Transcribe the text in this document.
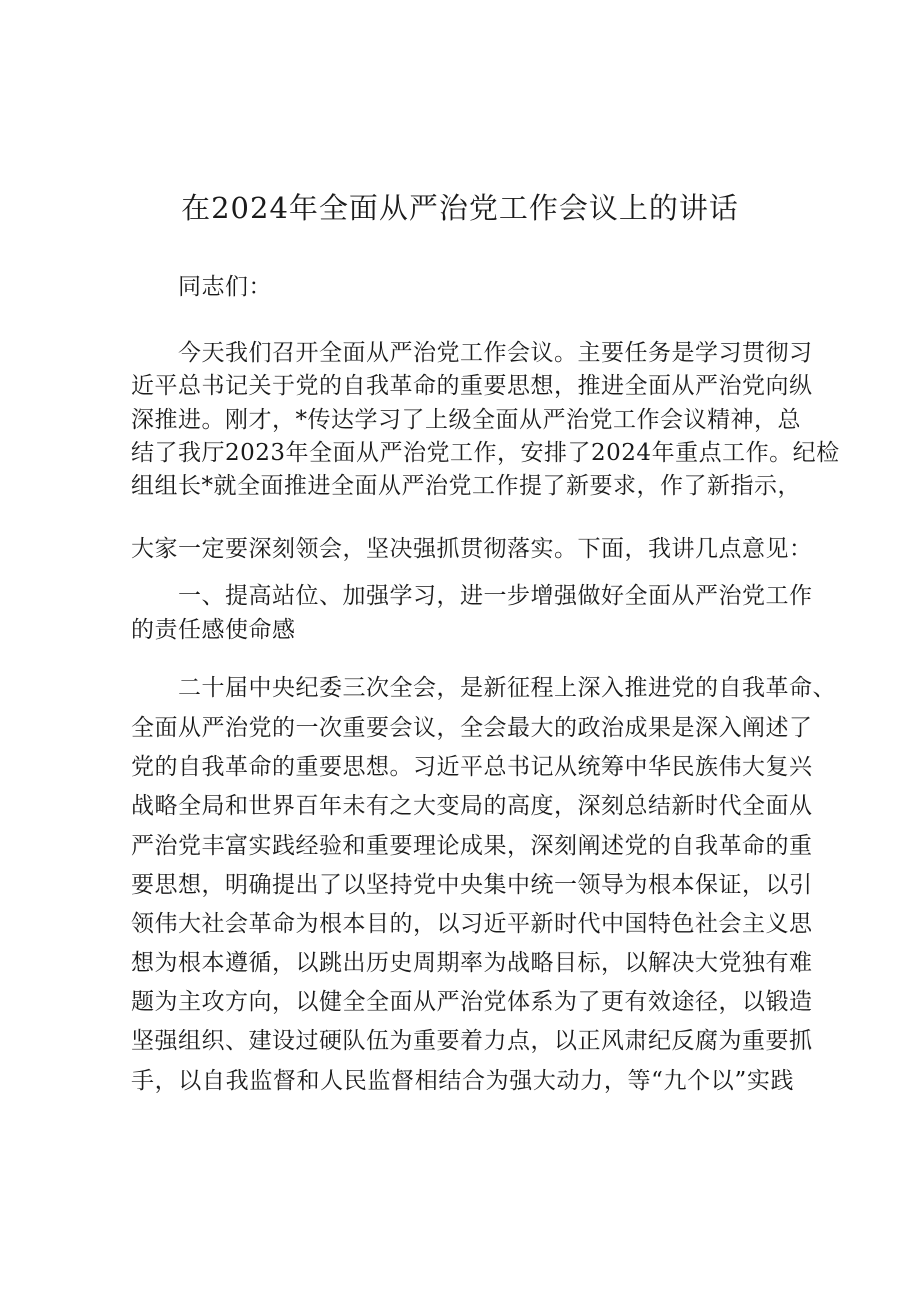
在2024年全面从严治党工作会议上的讲话
同志们：
今天我们召开全面从严治党工作会议。主要任务是学习贯彻习
近平总书记关于党的自我革命的重要思想，推进全面从严治党向纵
深推进。刚才，*传达学习了上级全面从严治党工作会议精神，总
结了我厅2023年全面从严治党工作，安排了2024年重点工作。纪检
组组长*就全面推进全面从严治党工作提了新要求，作了新指示，
大家一定要深刻领会，坚决强抓贯彻落实。下面，我讲几点意见：
一、提高站位、加强学习，进一步增强做好全面从严治党工作
的责任感使命感
二十届中央纪委三次全会，是新征程上深入推进党的自我革命、
全面从严治党的一次重要会议，全会最大的政治成果是深入阐述了
党的自我革命的重要思想。习近平总书记从统筹中华民族伟大复兴
战略全局和世界百年未有之大变局的高度，深刻总结新时代全面从
严治党丰富实践经验和重要理论成果，深刻阐述党的自我革命的重
要思想，明确提出了以坚持党中央集中统一领导为根本保证，以引
领伟大社会革命为根本目的，以习近平新时代中国特色社会主义思
想为根本遵循，以跳出历史周期率为战略目标，以解决大党独有难
题为主攻方向，以健全全面从严治党体系为了更有效途径，以锻造
坚强组织、建设过硬队伍为重要着力点，以正风肃纪反腐为重要抓
手，以自我监督和人民监督相结合为强大动力，等“九个以”实践
